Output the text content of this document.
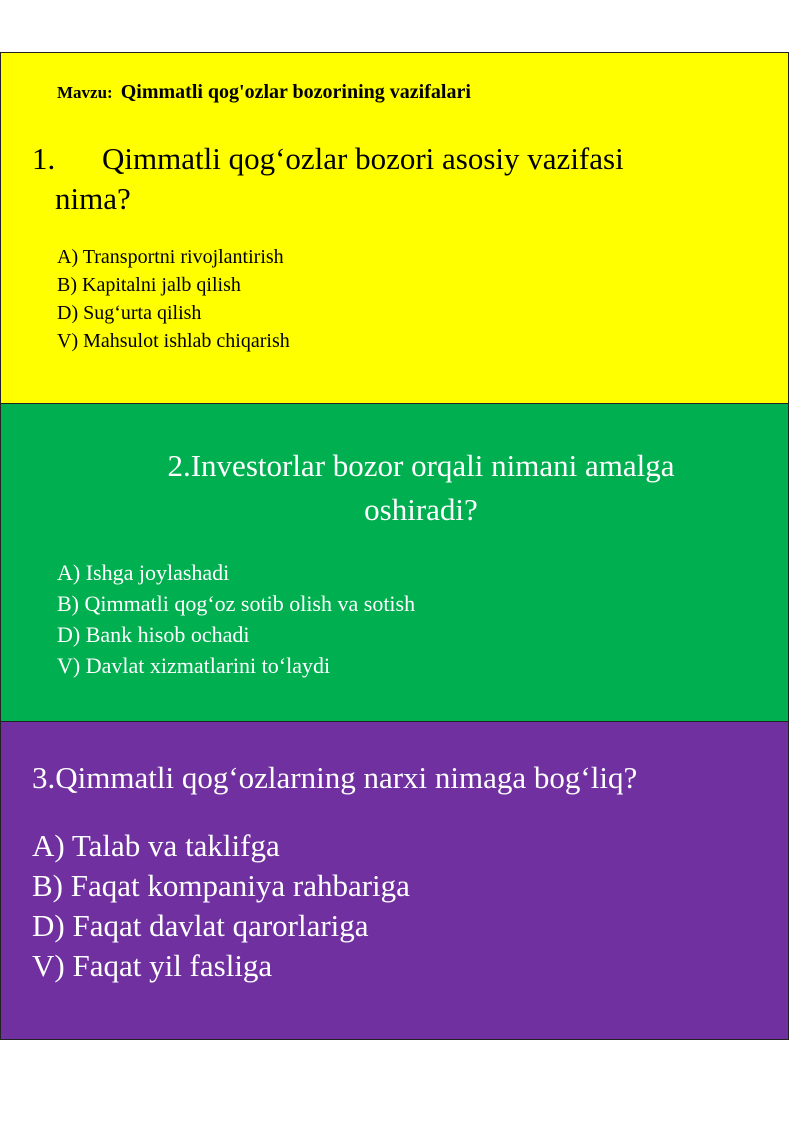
Mavzu: Qimmatli qog'ozlar bozorining vazifalari
1. Qimmatli qog‘ozlar bozori asosiy vazifasi
nima?
A) Transportni rivojlantirish
B) Kapitalni jalb qilish
D) Sug‘urta qilish
V) Mahsulot ishlab chiqarish
2.Investorlar bozor orqali nimani amalga
oshiradi?
A) Ishga joylashadi
B) Qimmatli qog‘oz sotib olish va sotish
D) Bank hisob ochadi
V) Davlat xizmatlarini to‘laydi
3.Qimmatli qog‘ozlarning narxi nimaga bog‘liq?
A) Talab va taklifga
B) Faqat kompaniya rahbariga
D) Faqat davlat qarorlariga
V) Faqat yil fasliga
